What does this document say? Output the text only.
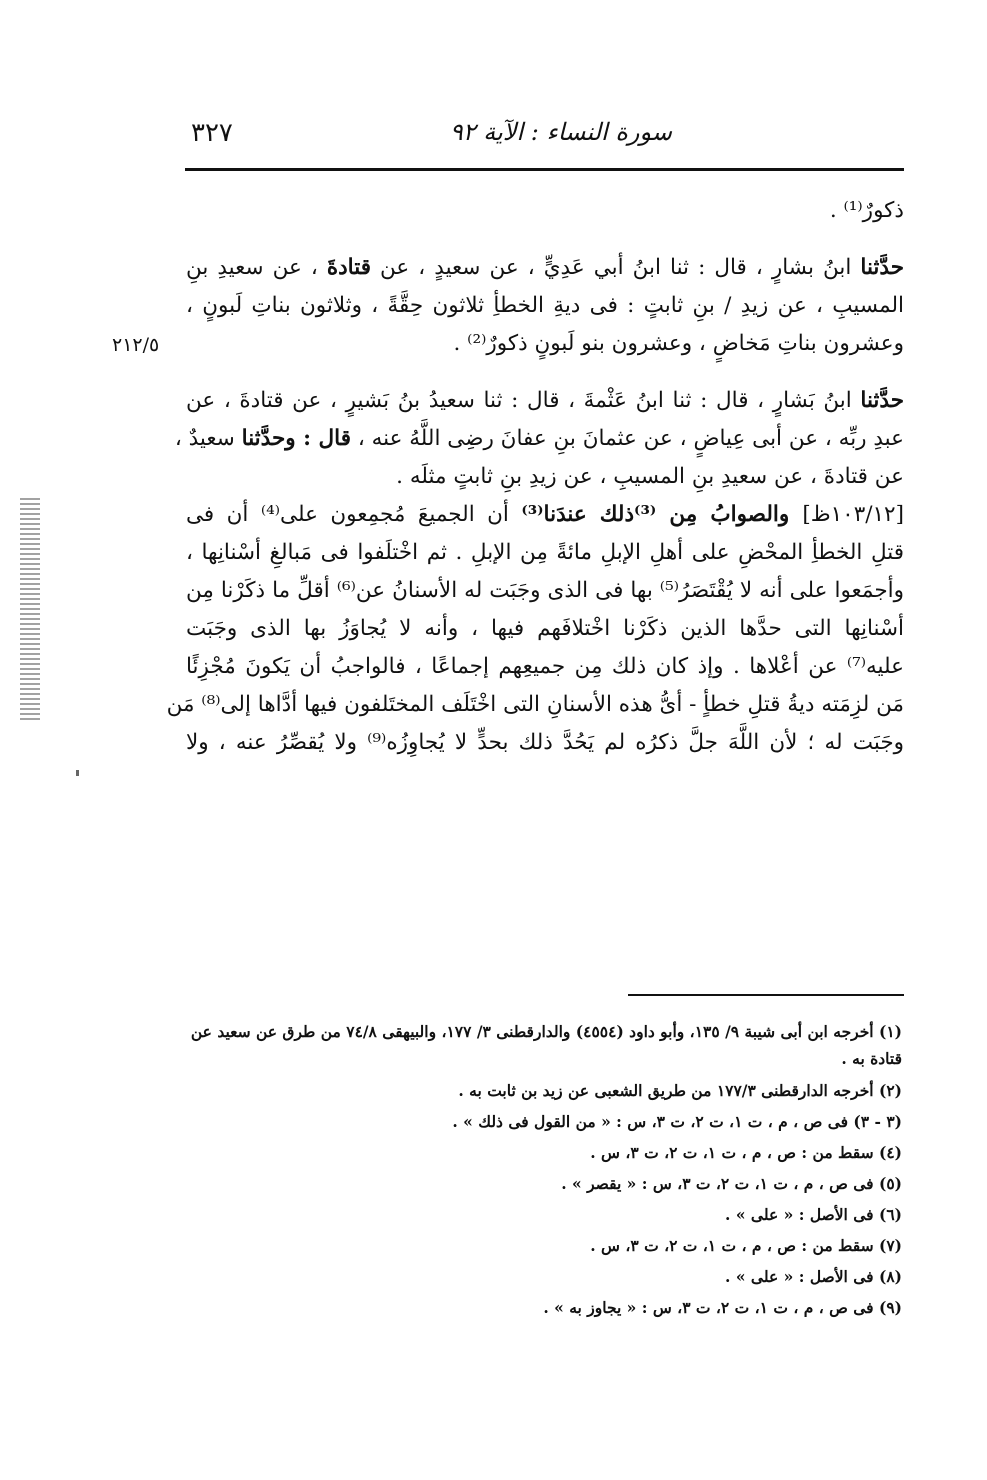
سورة النساء : الآية ٩٢
٣٢٧
٢١٢/٥
ذكورٌ⁽¹⁾ .
حدَّثنا ابنُ بشارٍ ، قال : ثنا ابنُ أبي عَدِيٍّ ، عن سعيدٍ ، عن قتادةَ ، عن سعيدِ بنِ
المسيبِ ، عن زيدِ / بنِ ثابتٍ : فى ديةِ الخطأِ ثلاثون حِقَّةً ، وثلاثون بناتِ لَبونٍ ،
وعشرون بناتِ مَخاضٍ ، وعشرون بنو لَبونٍ ذكورٌ⁽²⁾ .
حدَّثنا ابنُ بَشارٍ ، قال : ثنا ابنُ عَثْمةَ ، قال : ثنا سعيدُ بنُ بَشيرٍ ، عن قتادةَ ، عن
عبدِ ربِّه ، عن أبى عِياضٍ ، عن عثمانَ بنِ عفانَ رضِى اللَّهُ عنه ، قال : وحدَّثنا سعيدٌ ،
عن قتادةَ ، عن سعيدِ بنِ المسيبِ ، عن زيدِ بنِ ثابتٍ مثلَه .
[١٠٣/١٢ظ] والصوابُ مِن ⁽³⁾ذلك عندَنا⁽³⁾ أن الجميعَ مُجمِعون على⁽⁴⁾ أن فى
قتلِ الخطأِ المحْضِ على أهلِ الإبلِ مائةً مِن الإبلِ . ثم اخْتلَفوا فى مَبالغِ أسْنانِها ،
وأجمَعوا على أنه لا يُقْتَصَرُ⁽⁵⁾ بها فى الذى وجَبَت له الأسنانُ عن⁽⁶⁾ أقلِّ ما ذكَرْنا مِن
أسْنانِها التى حدَّها الذين ذكَرْنا اخْتلافَهم فيها ، وأنه لا يُجاوَزُ بها الذى وجَبَت
عليه⁽⁷⁾ عن أعْلاها . وإذ كان ذلك مِن جميعِهم إجماعًا ، فالواجبُ أن يَكونَ مُجْزِئًا
مَن لزِمَته ديةُ قتلِ خطأٍ - أىُّ هذه الأسنانِ التى اخْتَلَف المختَلفون فيها أدَّاها إلى⁽⁸⁾ مَن
وجَبَت له ؛ لأن اللَّهَ جلَّ ذكرُه لم يَحُدَّ ذلك بحدٍّ لا يُجاوِزُه⁽⁹⁾ ولا يُقصِّرُ عنه ، ولا
(١) أخرجه ابن أبى شيبة ٩/ ١٣٥، وأبو داود (٤٥٥٤) والدارقطنى ٣/ ١٧٧، والبيهقى ٧٤/٨ من طرق عن سعيد عن قتادة به .
(٢) أخرجه الدارقطنى ١٧٧/٣ من طريق الشعبى عن زيد بن ثابت به .
(٣ - ٣) فى ص ، م ، ت ١، ت ٢، ت ٣، س : « من القول فى ذلك » .
(٤) سقط من : ص ، م ، ت ١، ت ٢، ت ٣، س .
(٥) فى ص ، م ، ت ١، ت ٢، ت ٣، س : « يقصر » .
(٦) فى الأصل : « على » .
(٧) سقط من : ص ، م ، ت ١، ت ٢، ت ٣، س .
(٨) فى الأصل : « على » .
(٩) فى ص ، م ، ت ١، ت ٢، ت ٣، س : « يجاوز به » .
